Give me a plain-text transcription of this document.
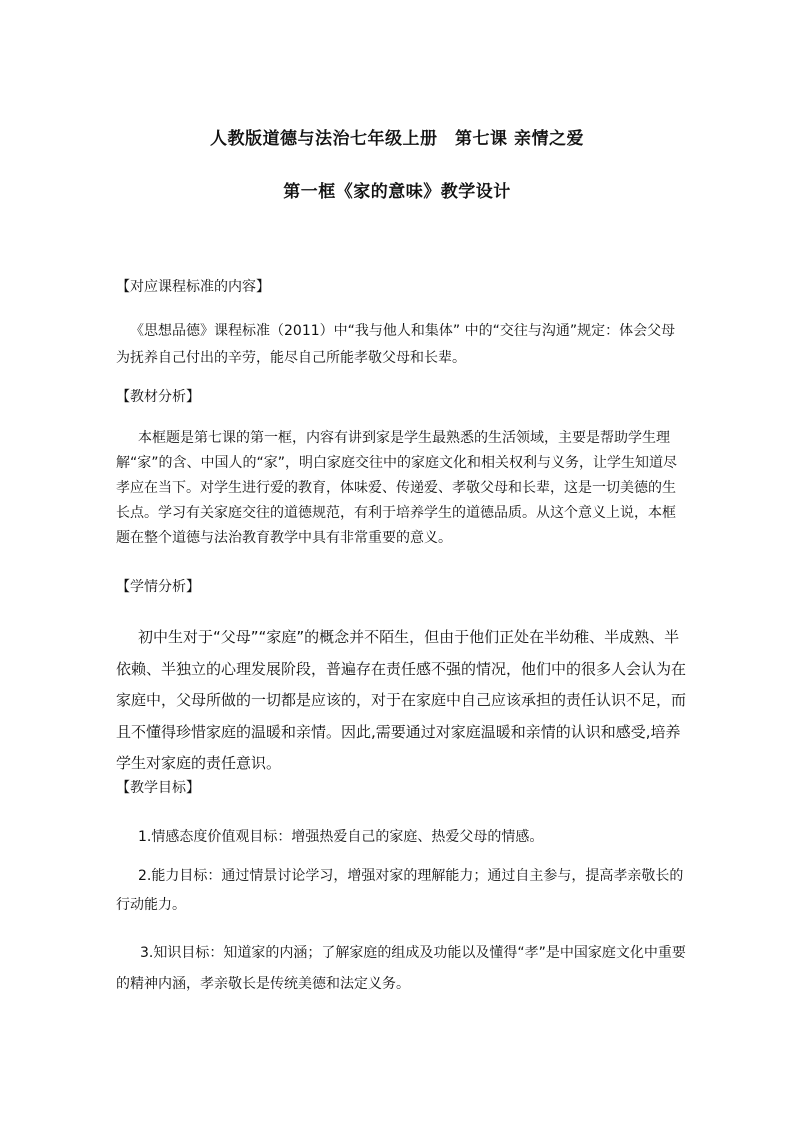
人教版道德与法治七年级上册　第七课 亲情之爱
第一框《家的意味》教学设计
【对应课程标准的内容】

《思想品德》课程标准（2011）中“我与他人和集体” 中的“交往与沟通”规定：体会父母为抚养自己付出的辛劳，能尽自己所能孝敬父母和长辈。

【教材分析】

本框题是第七课的第一框，内容有讲到家是学生最熟悉的生活领域，主要是帮助学生理解“家”的含、中国人的“家”，明白家庭交往中的家庭文化和相关权利与义务，让学生知道尽孝应在当下。对学生进行爱的教育，体味爱、传递爱、孝敬父母和长辈，这是一切美德的生长点。学习有关家庭交往的道德规范，有利于培养学生的道德品质。从这个意义上说，本框题在整个道德与法治教育教学中具有非常重要的意义。

【学情分析】

初中生对于“父母”“家庭”的概念并不陌生，但由于他们正处在半幼稚、半成熟、半依赖、半独立的心理发展阶段，普遍存在责任感不强的情况，他们中的很多人会认为在家庭中，父母所做的一切都是应该的，对于在家庭中自己应该承担的责任认识不足，而且不懂得珍惜家庭的温暖和亲情。因此,需要通过对家庭温暖和亲情的认识和感受,培养学生对家庭的责任意识。

【教学目标】

1.情感态度价值观目标：增强热爱自己的家庭、热爱父母的情感。

2.能力目标：通过情景讨论学习，增强对家的理解能力；通过自主参与，提高孝亲敬长的行动能力。

3.知识目标：知道家的内涵；了解家庭的组成及功能以及懂得“孝”是中国家庭文化中重要的精神内涵，孝亲敬长是传统美德和法定义务。
